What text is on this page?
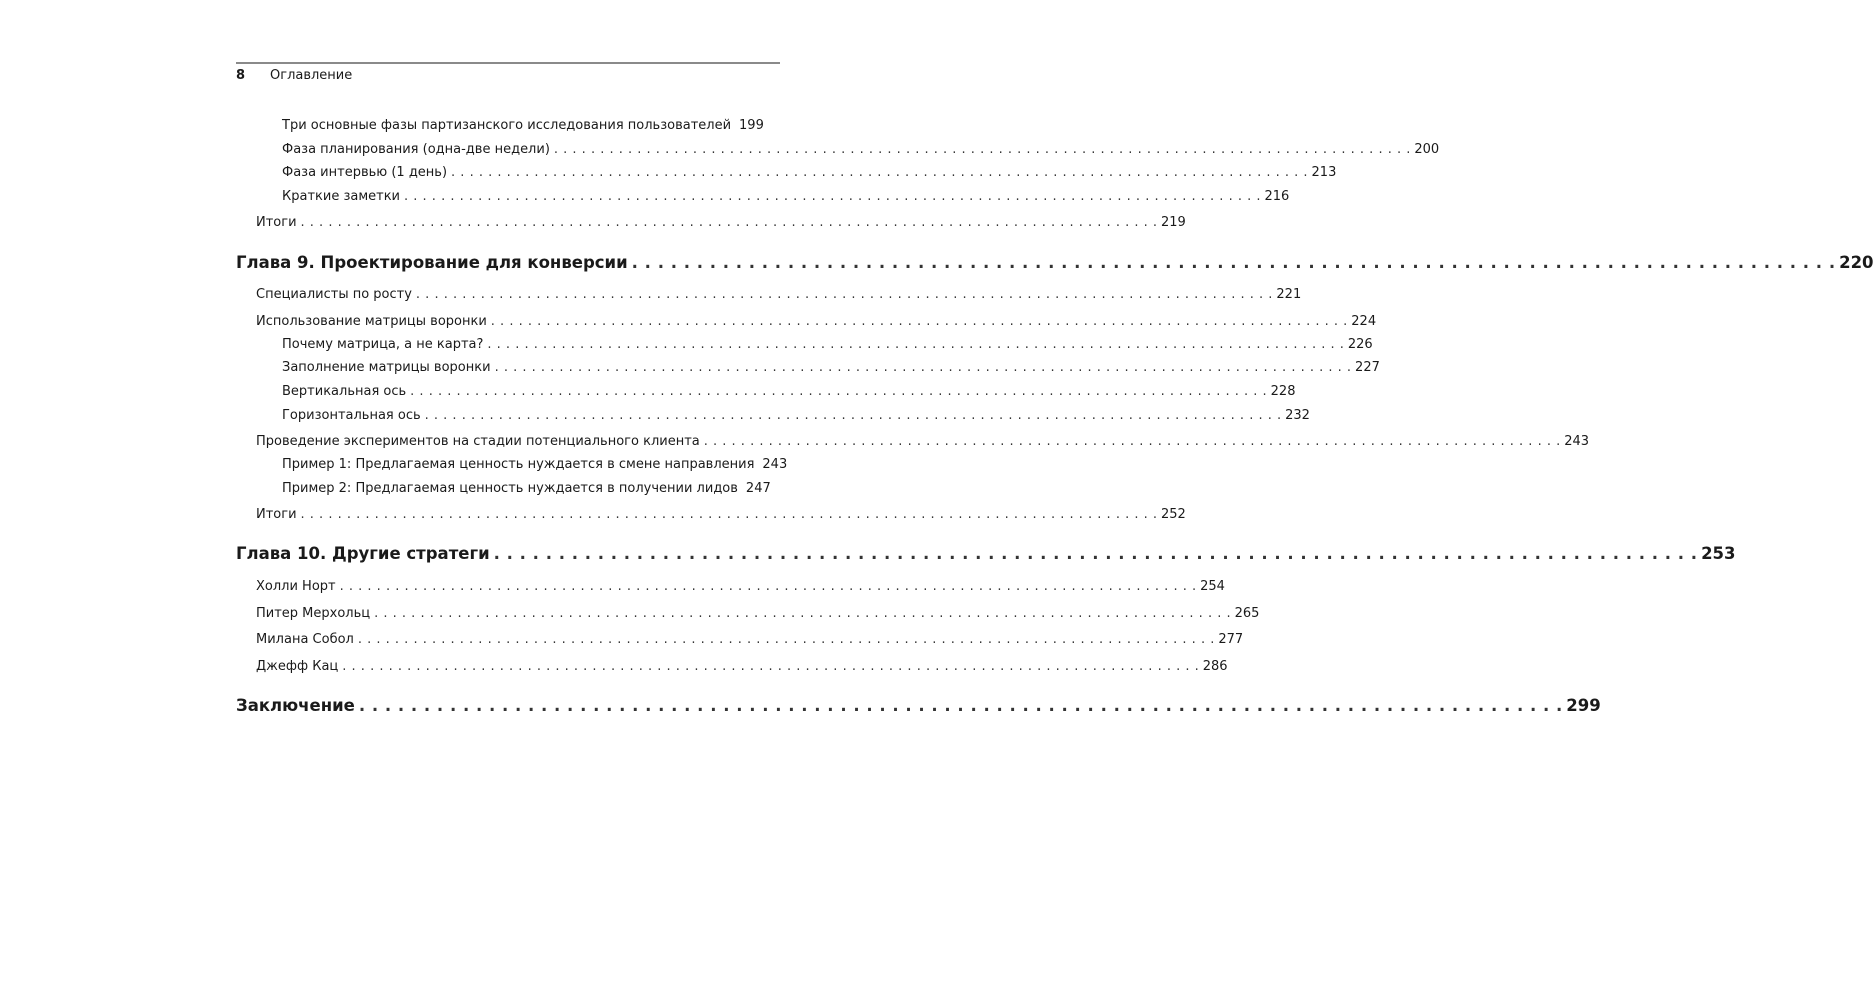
8 Оглавление
Три основные фазы партизанского исследования пользователей 199
Фаза планирования (одна-две недели) . . .	200
Фаза интервью (1 день) . . .	213
Краткие заметки . . .	216
Итоги . . .	219
Глава 9. Проектирование для конверсии . . .	220
Специалисты по росту . . .	221
Использование матрицы воронки . . .	224
Почему матрица, а не карта? . . .	226
Заполнение матрицы воронки . . .	227
Вертикальная ось . . .	228
Горизонтальная ось . . .	232
Проведение экспериментов на стадии потенциального клиента . . .	243
Пример 1: Предлагаемая ценность нуждается в смене направления 243
Пример 2: Предлагаемая ценность нуждается в получении лидов 247
Итоги . . .	252
Глава 10. Другие стратеги . . .	253
Холли Норт . . .	254
Питер Мерхольц . . .	265
Милана Собол . . .	277
Джефф Кац . . .	286
Заключение . . .	299
